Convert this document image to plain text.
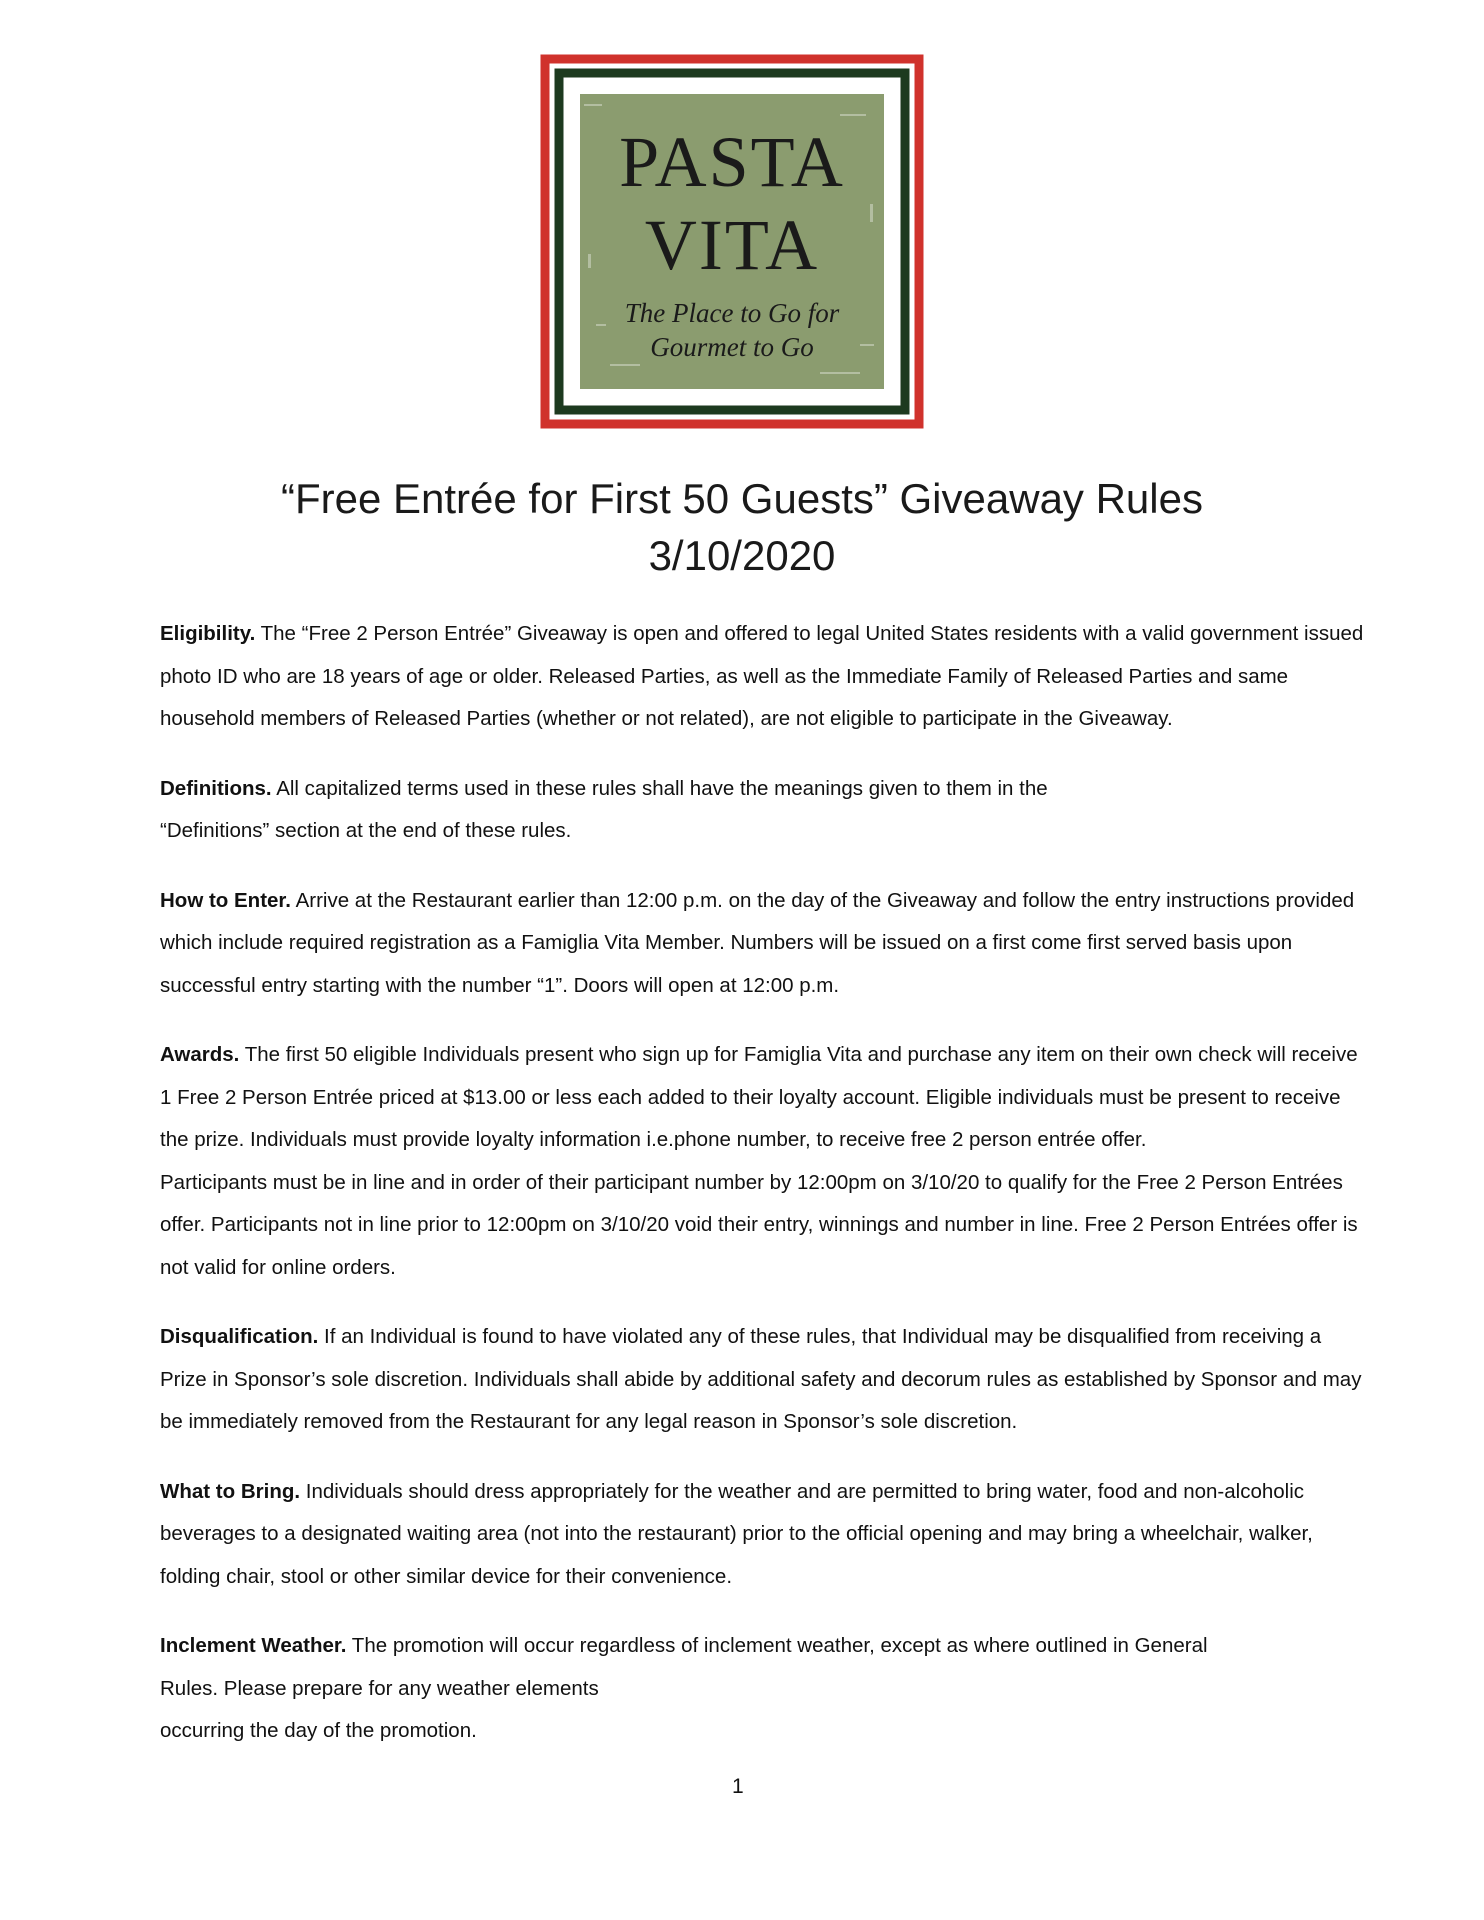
PASTA
VITA
The Place to Go for
Gourmet to Go
“Free Entrée for First 50 Guests” Giveaway Rules
3/10/2020

Eligibility. The “Free 2 Person Entrée” Giveaway is open and offered to legal United States residents with a valid government issued photo ID who are 18 years of age or older. Released Parties, as well as the Immediate Family of Released Parties and same household members of Released Parties (whether or not related), are not eligible to participate in the Giveaway.

Definitions. All capitalized terms used in these rules shall have the meanings given to them in the
“Definitions” section at the end of these rules.

How to Enter. Arrive at the Restaurant earlier than 12:00 p.m. on the day of the Giveaway and follow the entry instructions provided which include required registration as a Famiglia Vita Member. Numbers will be issued on a first come first served basis upon successful entry starting with the number “1”. Doors will open at 12:00 p.m.

Awards. The first 50 eligible Individuals present who sign up for Famiglia Vita and purchase any item on their own check will receive 1 Free 2 Person Entrée priced at $13.00 or less each added to their loyalty account. Eligible individuals must be present to receive the prize. Individuals must provide loyalty information i.e.phone number, to receive free 2 person entrée offer.

Participants must be in line and in order of their participant number by 12:00pm on 3/10/20 to qualify for the Free 2 Person Entrées offer. Participants not in line prior to 12:00pm on 3/10/20 void their entry, winnings and number in line. Free 2 Person Entrées offer is not valid for online orders.

Disqualification. If an Individual is found to have violated any of these rules, that Individual may be disqualified from receiving a Prize in Sponsor’s sole discretion. Individuals shall abide by additional safety and decorum rules as established by Sponsor and may be immediately removed from the Restaurant for any legal reason in Sponsor’s sole discretion.

What to Bring. Individuals should dress appropriately for the weather and are permitted to bring water, food and non-alcoholic beverages to a designated waiting area (not into the restaurant) prior to the official opening and may bring a wheelchair, walker, folding chair, stool or other similar device for their convenience.

Inclement Weather. The promotion will occur regardless of inclement weather, except as where outlined in General
Rules. Please prepare for any weather elements
occurring the day of the promotion.

1
